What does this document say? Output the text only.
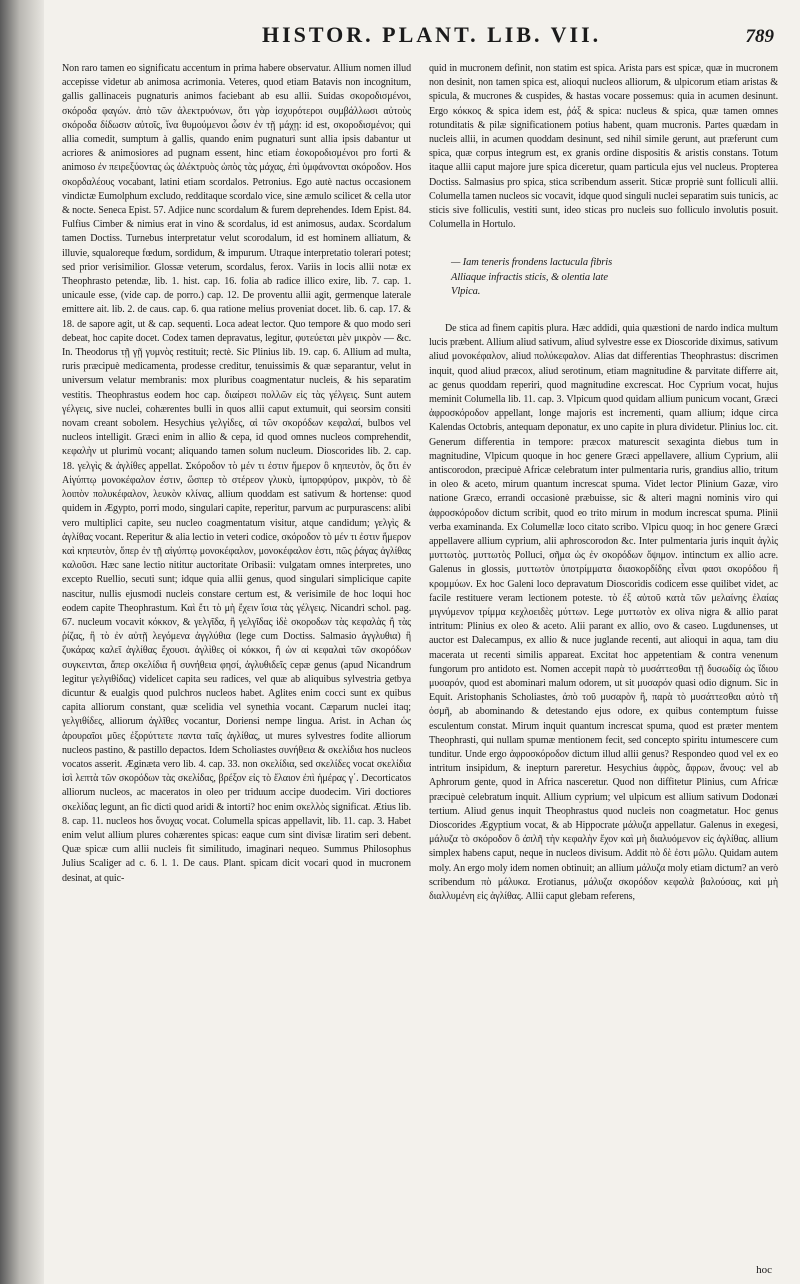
HISTOR. PLANT. LIB. VII.	789

Non raro tamen eo significatu accentum in prima habere observatur. Allium nomen illud accepisse videtur ab animosa acrimonia. Veteres, quod etiam Batavis non incognitum, gallis gallinaceis pugnaturis animos faciebant ab esu allii. Suidas σκοροδισμένοι, σκόροδα φαγών. ἀπὸ τῶν ἀλεκτρυόνων, ὅτι γὰρ ἰσχυρότεροι συμβάλλωσι αὐτοὺς σκόροδα δίδωσιν αὐτοῖς, ἵνα θυμούμενοι ὦσιν ἐν τῇ μάχῃ: id est, σκοροδισμένοι; qui allia comedit, sumptum à gallis, quando enim pugnaturi sunt allia ipsis dabantur ut acriores & animosiores ad pugnam essent, hinc etiam ἐσκοροδισμένοι pro forti & animoso ἐν πειρεξύοντας ὡς ἀλέκτρυὸς ὡπὸς τὰς μάχας, ἐπὶ ὑμφάνονται σκόροδον. Hos σκορδαλέους vocabant, latini etiam scordalos. Petronius. Ego autè nactus occasionem vindictæ Eumolphum excludo, redditaque scordalo vice, sine æmulo scilicet & cella utor & nocte. Seneca Epist. 57. Adjice nunc scordalum & furem deprehendes. Idem Epist. 84. Fulfius Cimber & nimius erat in vino & scordalus, id est animosus, audax. Scordalum tamen Doctiss. Turnebus interpretatur velut scorodalum, id est hominem alliatum, & illuvie, squaloreque fœdum, sordidum, & impurum. Utraque interpretatio tolerari potest; sed prior verisimilior. Glossæ veterum, scordalus, ferox. Variis in locis allii notæ ex Theophrasto petendæ, lib. 1. hist. cap. 16. folia ab radice illico exire, lib. 7. cap. 1. unicaule esse, (vide cap. de porro.) cap. 12. De proventu allii agit, germenque laterale emittere ait. lib. 2. de caus. cap. 6. qua ratione melius proveniat docet. lib. 6. cap. 17. & 18. de sapore agit, ut & cap. sequenti. Loca adeat lector. Quo tempore & quo modo seri debeat, hoc capite docet. Codex tamen depravatus, legitur, φυτεύεται μὲν μικρὸν — &c. In. Theodorus τῇ γῇ γυμνὸς restituit; rectè. Sic Plinius lib. 19. cap. 6. Allium ad multa, ruris præcipuè medicamenta, prodesse creditur, tenuissimis & quæ separantur, velut in universum velatur membranis: mox pluribus coagmentatur nucleis, & his separatim vestitis. Theophrastus eodem hoc cap. διαίρεσι πολλῶν εἰς τὰς γέλγεις. Sunt autem γέλγεις, sive nuclei, cohærentes bulli in quos allii caput extumuit, qui seorsim consiti novam creant sobolem. Hesychius γελγίδες, αἱ τῶν σκορόδων κεφαλαί, bulbos vel nucleos intelligit. Græci enim in allio & cepa, id quod omnes nucleos comprehendit, κεφαλὴν ut plurimù vocant; aliquando tamen solum nucleum. Dioscorides lib. 2. cap. 18. γελγὶς & ἀγλίθες appellat. Σκόροδον τὸ μέν τι ἐστιν ἥμερον ὃ κηπευτὸν, ὃς ὅτι ἐν Αἰγύπτῳ μονοκέφαλον ἐστιν, ὥσπερ τὸ στέρεον γλυκὺ, ἰμπορφύρον, μικρὸν, τὸ δὲ λοιπὸν πολυκέφαλον, λευκὸν κλίνας, allium quoddam est sativum & hortense: quod quidem in Ægypto, porri modo, singulari capite, reperitur, parvum ac purpurascens: alibi vero multiplici capite, seu nucleo coagmentatum visitur, atque candidum; γελγὶς & ἀγλίθας vocant. Reperitur & alia lectio in veteri codice, σκόροδον τὸ μέν τι ἐστιν ἥμερον καὶ κηπευτὸν, ὅπερ ἐν τῇ αἰγύπτῳ μονοκέφαλον, μονοκέφαλον ἐστι, πῶς ῥάγας ἀγλίθας καλοῦσι. Hæc sane lectio nititur auctoritate Oribasii: vulgatam omnes interpretes, uno excepto Ruellio, secuti sunt; idque quia allii genus, quod singulari simplicique capite nascitur, nullis ejusmodi nucleis constare certum est, & verisimile de hoc loqui hoc eodem capite Theophrastum. Καὶ ἔτι τὸ μὴ ἔχειν ἴσια τὰς γέλγεις. Nicandri schol. pag. 67. nucleum vocavit κόκκον, & γελγῖδα, ἢ γελγῖδας ἰδὲ σκοροδων τὰς κεφαλὰς ἢ τὰς ῥίζας, ἢ τὸ ἐν αὐτῇ λεγόμενα ἀγγλύθια (lege cum Doctiss. Salmasio ἀγγλυθια) ἢ ζυκάρας καλεῖ ἀγλίθας ἔχουσι. ἀγλὶθες οἱ κόκκοι, ἢ ὡν αἱ κεφαλαὶ τῶν σκορόδων συγκεινται, ἅπερ σκελίδια ἢ συνήθεια φησί, ἀγλυθιδεῖς cepæ genus (apud Nicandrum legitur γελγιθίδας) videlicet capita seu radices, vel quæ ab aliquibus sylvestria getbya dicuntur & eualgis quod pulchros nucleos habet. Aglites enim cocci sunt ex quibus capita alliorum constant, quæ scelidia vel synethia vocant. Cæparum nuclei itaq; γελγιθίδες, alliorum ἀγλῖθες vocantur, Doriensi nempe lingua. Arist. in Achan ὡς ἀρουραῖοι μῦες ἐξορύττετε παντα ταῖς ἀγλίθας, ut mures sylvestres fodite alliorum nucleos pastino, & pastillo depactos. Idem Scholiastes συνήθεια & σκελίδια hos nucleos vocatos asserit. Æginæta vero lib. 4. cap. 33. non σκελίδια, sed σκελίδες vocat σκελίδια ἰσὶ λεπτὰ τῶν σκορόδων τὰς σκελίδας, βρέξον εἰς τὸ ἔλαιον ἐπὶ ἡμέρας γ΄. Decorticatos alliorum nucleos, ac maceratos in oleo per triduum accipe duodecim. Viri doctiores σκελίδας legunt, an fic dicti quod aridi & intorti? hoc enim σκελλὸς significat. Ætius lib. 8. cap. 11. nucleos hos ὄνυχας vocat. Columella spicas appellavit, lib. 11. cap. 3. Habet enim velut allium plures cohærentes spicas: eaque cum sint divisæ liratim seri debent. Quæ spicæ cum allii nucleis fit similitudo, imaginari nequeo. Summus Philosophus Julius Scaliger ad c. 6. l. 1. De caus. Plant. spicam dicit vocari quod in mucronem desinat, at quic-

quid in mucronem definit, non statim est spica. Arista pars est spicæ, quæ in mucronem non desinit, non tamen spica est, alioqui nucleos alliorum, & ulpicorum etiam aristas & spicula, & mucrones & cuspides, & hastas vocare possemus: quia in acumen desinunt. Ergo κόκκος & spica idem est, ῥάξ & spica: nucleus & spica, quæ tamen omnes rotunditatis & pilæ significationem potius habent, quam mucronis. Partes quædam in nucleis allii, in acumen quoddam desinunt, sed nihil simile gerunt, aut præferunt cum spica, quæ corpus integrum est, ex granis ordine dispositis & aristis constans. Totum itaque allii caput majore jure spica diceretur, quam particula ejus vel nucleus. Propterea Doctiss. Salmasius pro spica, stica scribendum asserit. Sticæ propriè sunt folliculi allii. Columella tamen nucleos sic vocavit, idque quod singuli nuclei separatim suis tunicis, ac sticis sive folliculis, vestiti sunt, ideo sticas pro nucleis suo folliculo involutis posuit. Columella in Hortulo.

— Iam teneris frondens lactucula fibris
Alliaque infractis sticis, & olentia late
Vlpica.

De stica ad finem capitis plura. Hæc addidi, quia quæstioni de nardo indica multum lucis præbent. Allium aliud sativum, aliud sylvestre esse ex Dioscoride diximus, sativum aliud μονοκέφαλον, aliud πολύκεφαλον. Alias dat differentias Theophrastus: discrimen inquit, quod aliud præcox, aliud serotinum, etiam magnitudine & parvitate differre ait, ac genus quoddam reperiri, quod magnitudine excrescat. Hoc Cyprium vocat, hujus meminit Columella lib. 11. cap. 3. Vlpicum quod quidam allium punicum vocant, Græci ἀφροσκόροδον appellant, longe majoris est incrementi, quam allium; idque circa Kalendas Octobris, antequam deponatur, ex uno capite in plura dividetur. Plinius loc. cit. Generum differentia in tempore: præcox maturescit sexaginta diebus tum in magnitudine, Vlpicum quoque in hoc genere Græci appellavere, allium Cyprium, alii antiscorodon, præcipuè Africæ celebratum inter pulmentaria ruris, grandius allio, tritum in oleo & aceto, mirum quantum increscat spuma. Videt lector Plinium Gazæ, viro natione Græco, errandi occasionè præbuisse, sic & alteri magni nominis viro qui ἀφροσκόροδον dictum scribit, quod eo trito mirum in modum increscat spuma. Plinii verba examinanda. Ex Columellæ loco citato scribo. Vlpicu quoq; in hoc genere Græci appellavere allium cyprium, alii aphroscorodon &c. Inter pulmentaria juris inquit ἀγλὶς μυττωτὸς. μυττωτὸς Polluci, σῆμα ὡς ἐν σκορόδων ὄψιμον. intinctum ex allio acre. Galenus in glossis, μυττωτὸν ὑποτρίμματα διασκορδίδης εἶναι φασι σκορόδου ἢ κρομμύων. Ex hoc Galeni loco depravatum Dioscoridis codicem esse quilibet videt, ac facile restituere veram lectionem poteste. τὸ ἐξ αὐτοῦ κατὰ τῶν μελαίνης ἐλαίας μιγνύμενον τρίμμα κεχλοειδὲς μύττων. Lege μυττωτὸν ex oliva nigra & allio parat intritum: Plinius ex oleo & aceto. Alii parant ex allio, ovo & caseo. Lugdunenses, ut auctor est Dalecampus, ex allio & nuce juglande recenti, aut alioqui in aqua, tam diu macerata ut recenti similis appareat. Excitat hoc appetentiam & contra venenum fungorum pro antidoto est. Nomen accepit παρὰ τὸ μυσάττεσθαι τῇ δυσωδίᾳ ὡς ἴδιου μυσαρόν, quod est abominari malum odorem, ut sit μυσαρόν quasi odio dignum. Sic in Equit. Aristophanis Scholiastes, ἀπὸ τοῦ μυσαρὸν ἢ, παρὰ τὸ μυσάττεσθαι αὐτὸ τῆ ὀσμῆ, ab abominando & detestando ejus odore, ex quibus contemptum fuisse esculentum constat. Mirum inquit quantum increscat spuma, quod est præter mentem Theophrasti, qui nullam spumæ mentionem fecit, sed concepto spiritu intumescere cum tunditur. Unde ergo ἀφροσκόροδον dictum illud allii genus? Respondeo quod vel ex eo intritum insipidum, & inepturn pareretur. Hesychius ἀφρὸς, ἄφρων, ἄνους: vel ab Aphrorum gente, quod in Africa nasceretur. Quod non diffitetur Plinius, cum Africæ præcipuè celebratum inquit. Allium cyprium; vel ulpicum est allium sativum Dodonæi tertium. Aliud genus inquit Theophrastus quod nucleis non coagmetatur. Hoc genus Dioscorides Ægyptium vocat, & ab Hippocrate μάλυζα appellatur. Galenus in exegesi, μάλυζα τὸ σκόροδον ὃ ἀπλῆ τὴν κεφαλὴν ἔχον καὶ μὴ διαλυόμενον εἰς ἀγλίθας. allium simplex habens caput, neque in nucleos divisum. Addit πὸ δὲ ἐστι μῶλυ. Quidam autem moly. An ergo moly idem nomen obtinuit; an allium μάλυζα moly etiam dictum? an verò scribendum πὸ μάλυκα. Erotianus, μάλυζα σκορόδον κεφαλὰ βαλούσας, καὶ μὴ διαλλυμένη εἰς ἀγλίθας. Allii caput glebam referens,

hoc
